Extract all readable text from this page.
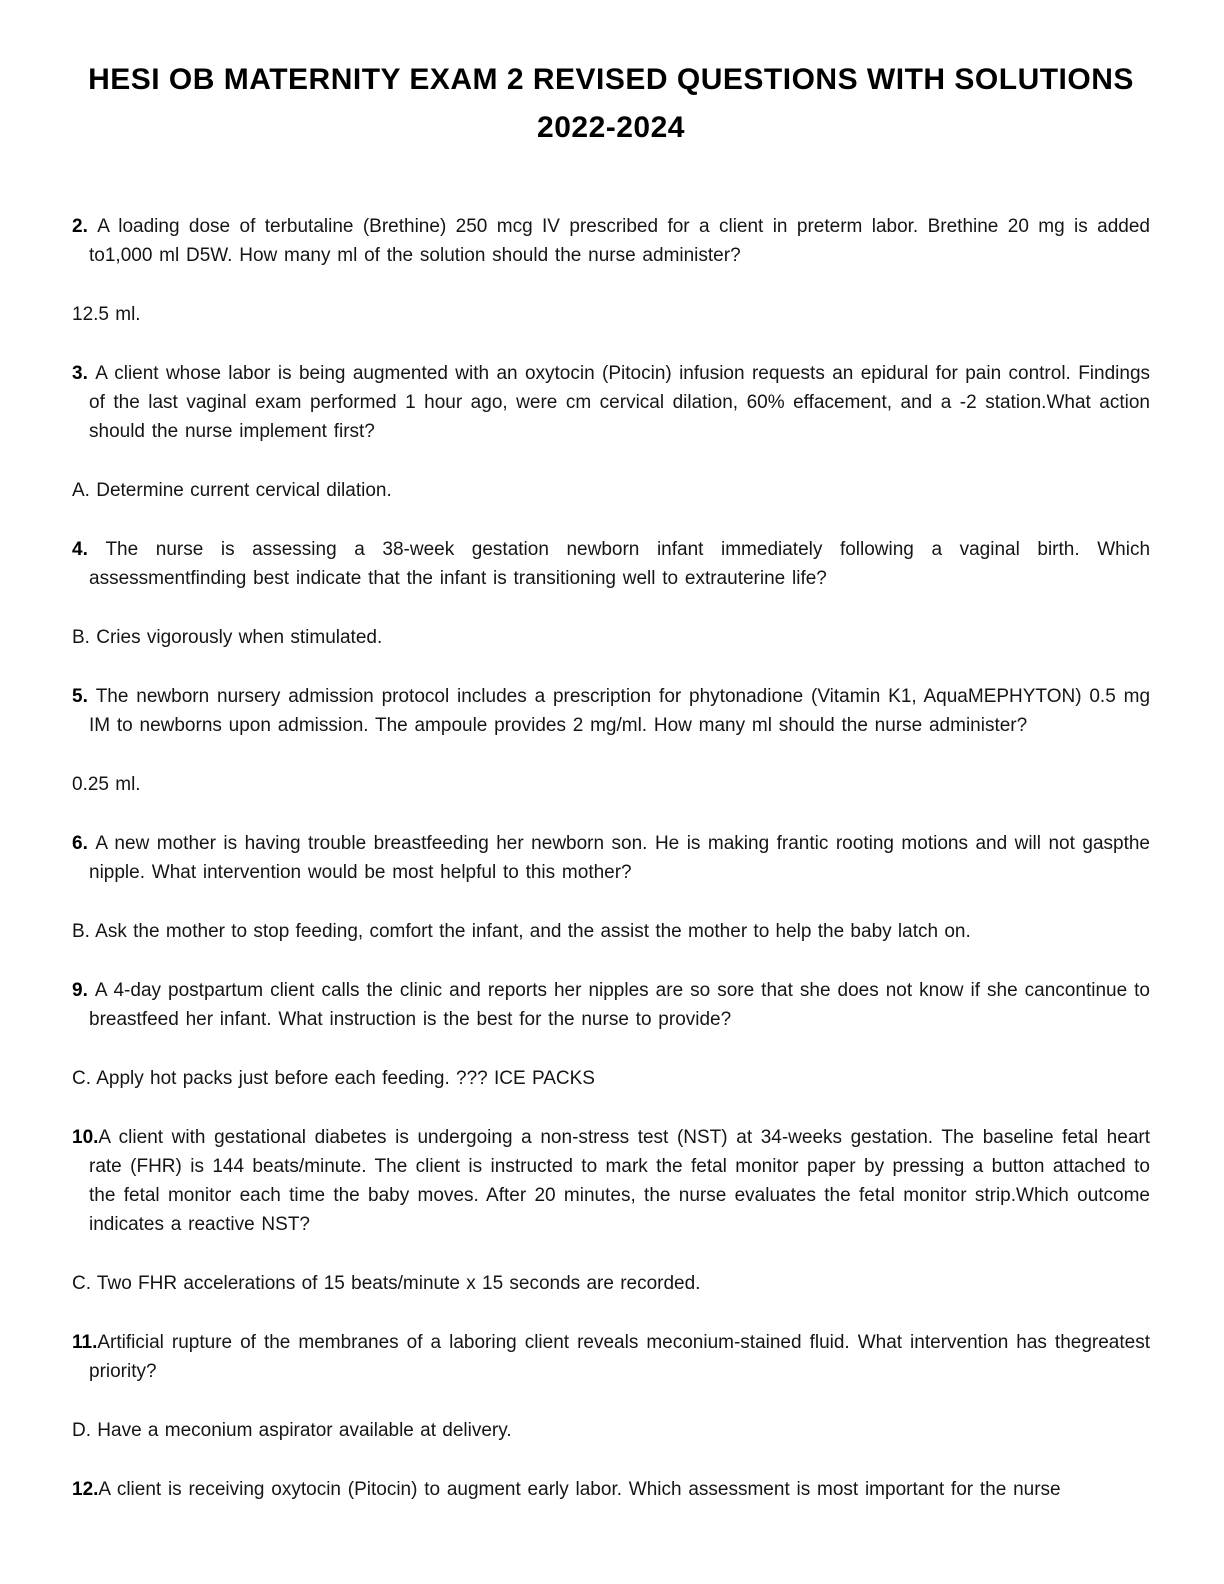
HESI OB MATERNITY EXAM 2 REVISED QUESTIONS WITH SOLUTIONS
2022-2024

2. A loading dose of terbutaline (Brethine) 250 mcg IV prescribed for a client in preterm labor. Brethine 20 mg is added to1,000 ml D5W. How many ml of the solution should the nurse administer?

12.5 ml.

3. A client whose labor is being augmented with an oxytocin (Pitocin) infusion requests an epidural for pain control. Findings of the last vaginal exam performed 1 hour ago, were cm cervical dilation, 60% effacement, and a -2 station.What action should the nurse implement first?

A. Determine current cervical dilation.

4. The nurse is assessing a 38-week gestation newborn infant immediately following a vaginal birth. Which assessmentfinding best indicate that the infant is transitioning well to extrauterine life?

B. Cries vigorously when stimulated.

5. The newborn nursery admission protocol includes a prescription for phytonadione (Vitamin K1, AquaMEPHYTON) 0.5 mg IM to newborns upon admission. The ampoule provides 2 mg/ml. How many ml should the nurse administer?

0.25 ml.

6. A new mother is having trouble breastfeeding her newborn son. He is making frantic rooting motions and will not gaspthe nipple. What intervention would be most helpful to this mother?

B. Ask the mother to stop feeding, comfort the infant, and the assist the mother to help the baby latch on.

9. A 4-day postpartum client calls the clinic and reports her nipples are so sore that she does not know if she cancontinue to breastfeed her infant. What instruction is the best for the nurse to provide?

C. Apply hot packs just before each feeding. ??? ICE PACKS

10.A client with gestational diabetes is undergoing a non-stress test (NST) at 34-weeks gestation. The baseline fetal heart rate (FHR) is 144 beats/minute. The client is instructed to mark the fetal monitor paper by pressing a button attached to the fetal monitor each time the baby moves. After 20 minutes, the nurse evaluates the fetal monitor strip.Which outcome indicates a reactive NST?

C. Two FHR accelerations of 15 beats/minute x 15 seconds are recorded.

11.Artificial rupture of the membranes of a laboring client reveals meconium-stained fluid. What intervention has thegreatest priority?

D. Have a meconium aspirator available at delivery.

12.A client is receiving oxytocin (Pitocin) to augment early labor. Which assessment is most important for the nurse
